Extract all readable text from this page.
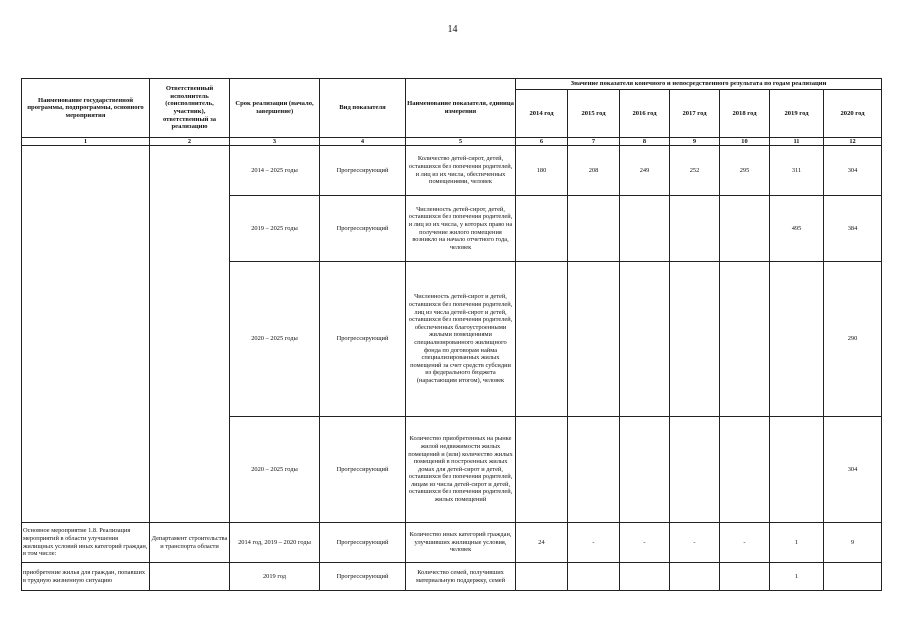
14
Наименование государственной программы, подпрограммы, основного мероприятия	Ответственный исполнитель (соисполнитель, участник), ответственный за реализацию	Срок реализации (начало, завершение)	Вид показателя	Наименование показателя, единица измерения	Значение показателя конечного и непосредственного результата по годам реализации						
					2014 год	2015 год	2016 год	2017 год	2018 год	2019 год	2020 год
1	2	3	4	5	6	7	8	9	10	11	12
		2014 – 2025 годы	Прогрессирующий	Количество детей-сирот, детей, оставшихся без попечения родителей, и лиц из их числа, обеспеченных помещениями, человек	180	208	249	252	295	311	304
		2019 – 2025 годы	Прогрессирующий	Численность детей-сирот, детей, оставшихся без попечения родителей, и лиц из их числа, у которых право на получение жилого помещения возникло на начало отчетного года, человек						495	384
		2020 – 2025 годы	Прогрессирующий	Численность детей-сирот и детей, оставшихся без попечения родителей, лиц из числа детей-сирот и детей, оставшихся без попечения родителей, обеспеченных благоустроенными жилыми помещениями специализированного жилищного фонда по договорам найма специализированных жилых помещений за счет средств субсидии из федерального бюджета (нарастающим итогом), человек							290
		2020 – 2025 годы	Прогрессирующий	Количество приобретенных на рынке жилой недвижимости жилых помещений и (или) количество жилых помещений в построенных жилых домах для детей-сирот и детей, оставшихся без попечения родителей, лицам из числа детей-сирот и детей, оставшихся без попечения родителей, жилых помещений							304
Основное мероприятие 1.8. Реализация мероприятий в области улучшения жилищных условий иных категорий граждан, в том числе:	Департамент строительства и транспорта области	2014 год, 2019 – 2020 годы	Прогрессирующий	Количество иных категорий граждан, улучшивших жилищные условия, человек	24	-	-	-	-	1	9
приобретение жилья для граждан, попавших в трудную жизненную ситуацию		2019 год	Прогрессирующий	Количество семей, получивших материальную поддержку, семей						1	
